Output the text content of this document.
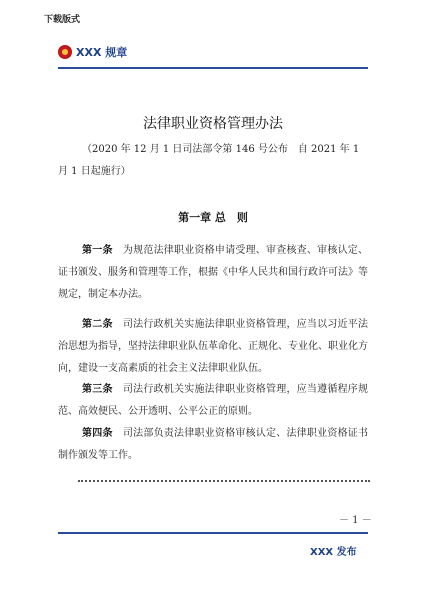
下载版式
XXX 规章
法律职业资格管理办法
（2020 年 12 月 1 日司法部令第 146 号公布　自 2021 年 1 月 1 日起施行）
第一章 总　则

第一条　 为规范法律职业资格申请受理、审查核查、审核认定、证书颁发、服务和管理等工作，根据《中华人民共和国行政许可法》等规定，制定本办法。

第二条　 司法行政机关实施法律职业资格管理，应当以习近平法治思想为指导，坚持法律职业队伍革命化、正规化、专业化、职业化方向，建设一支高素质的社会主义法律职业队伍。

第三条　 司法行政机关实施法律职业资格管理，应当遵循程序规范、高效便民、公开透明、公平公正的原则。

第四条　 司法部负责法律职业资格审核认定、法律职业资格证书制作颁发等工作。

－ 1 －
XXX 发布
